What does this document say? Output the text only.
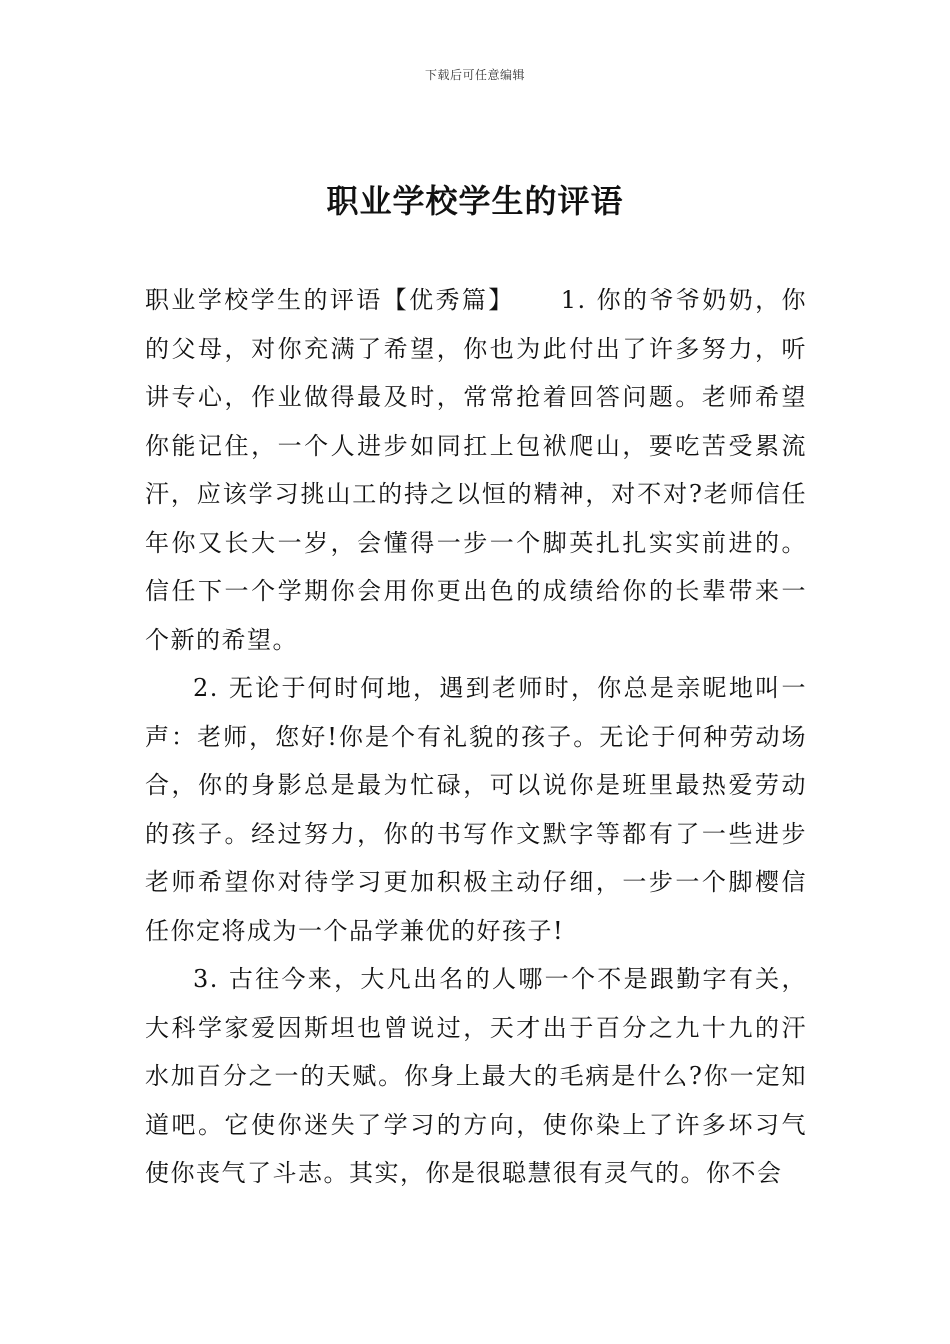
下载后可任意编辑
职业学校学生的评语

职业学校学生的评语【优秀篇】 1. 你的爷爷奶奶，你的父母，对你充满了希望，你也为此付出了许多努力，听讲专心，作业做得最及时，常常抢着回答问题。老师希望你能记住，一个人进步如同扛上包袱爬山，要吃苦受累流汗，应该学习挑山工的持之以恒的精神，对不对?老师信任年你又长大一岁，会懂得一步一个脚英扎扎实实前进的。信任下一个学期你会用你更出色的成绩给你的长辈带来一个新的希望。

2. 无论于何时何地，遇到老师时，你总是亲昵地叫一声：老师，您好!你是个有礼貌的孩子。无论于何种劳动场合，你的身影总是最为忙碌，可以说你是班里最热爱劳动的孩子。经过努力，你的书写作文默字等都有了一些进步老师希望你对待学习更加积极主动仔细，一步一个脚樱信任你定将成为一个品学兼优的好孩子!

3. 古往今来，大凡出名的人哪一个不是跟勤字有关，大科学家爱因斯坦也曾说过，天才出于百分之九十九的汗水加百分之一的天赋。你身上最大的毛病是什么?你一定知道吧。它使你迷失了学习的方向，使你染上了许多坏习气使你丧气了斗志。其实，你是很聪慧很有灵气的。你不会
